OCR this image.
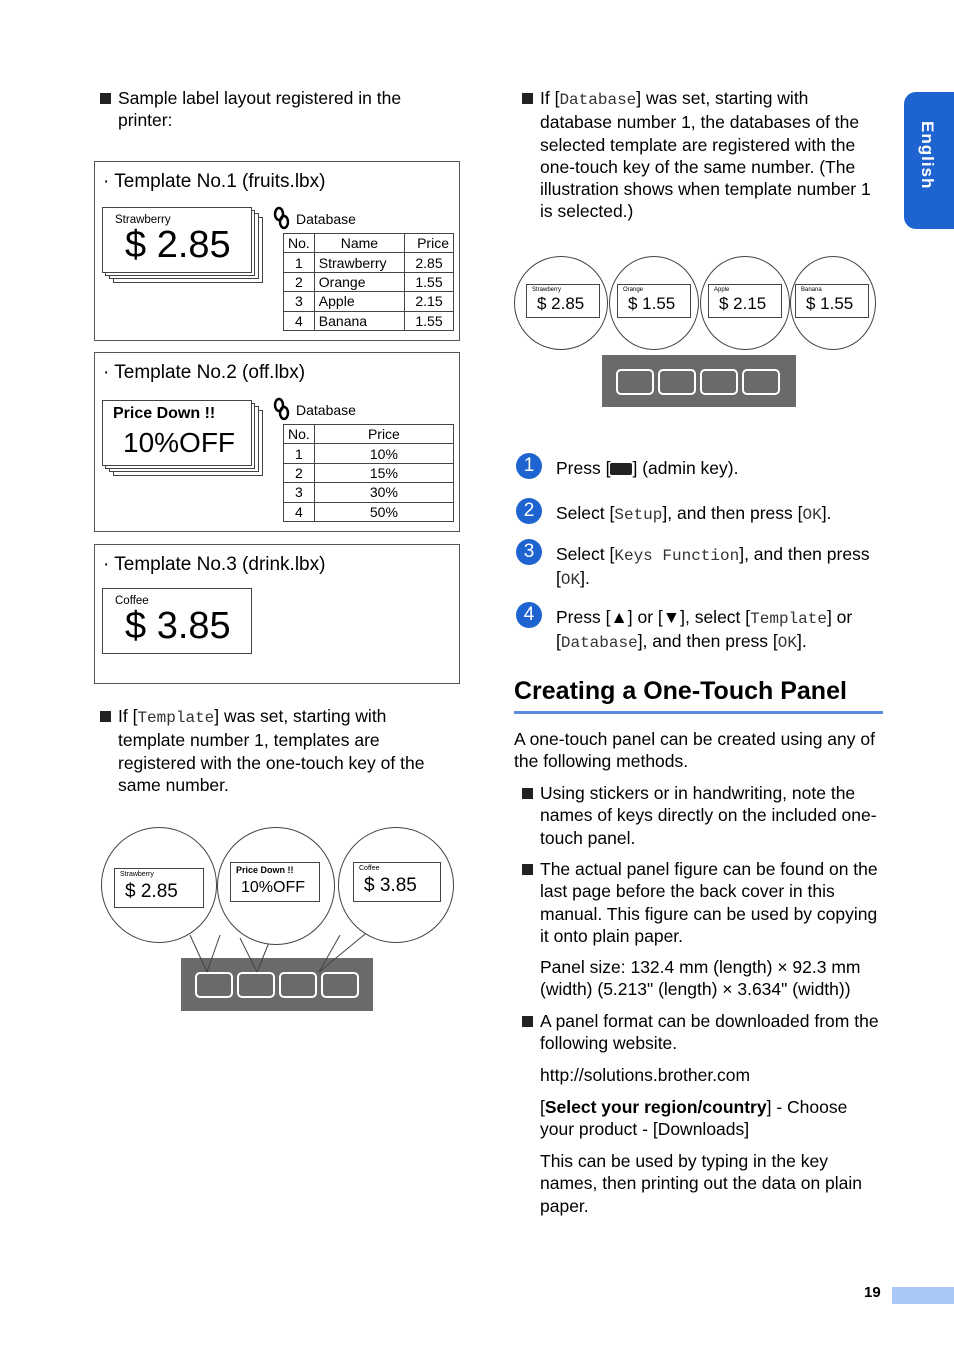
English
Sample label layout registered in the printer:
· Template No.1 (fruits.lbx)
Strawberry
$ 2.85
Database
No.	Name	Price
1	Strawberry	2.85
2	Orange	1.55
3	Apple	2.15
4	Banana	1.55
· Template No.2 (off.lbx)
Price Down !!
10%OFF
Database
No.	Price
1	10%
2	15%
3	30%
4	50%
· Template No.3 (drink.lbx)
Coffee
$ 3.85
If [Template] was set, starting with template number 1, templates are registered with the one-touch key of the same number.
Strawberry
$ 2.85
Price Down !!
10%OFF
Coffee
$ 3.85
If [Database] was set, starting with database number 1, the databases of the selected template are registered with the one-touch key of the same number. (The illustration shows when template number 1 is selected.)
Strawberry
$ 2.85
Orange
$ 1.55
Apple
$ 2.15
Banana
$ 1.55
1	Press [ ] (admin key).
2	Select [Setup], and then press [OK].
3	Select [Keys Function], and then press [OK].
4	Press [▲] or [▼], select [Template] or [Database], and then press [OK].
Creating a One-Touch Panel
A one-touch panel can be created using any of the following methods.
Using stickers or in handwriting, note the names of keys directly on the included one-touch panel.
The actual panel figure can be found on the last page before the back cover in this manual. This figure can be used by copying it onto plain paper.
Panel size: 132.4 mm (length) × 92.3 mm (width) (5.213" (length) × 3.634" (width))
A panel format can be downloaded from the following website.
http://solutions.brother.com
[Select your region/country] - Choose your product - [Downloads]
This can be used by typing in the key names, then printing out the data on plain paper.
19
